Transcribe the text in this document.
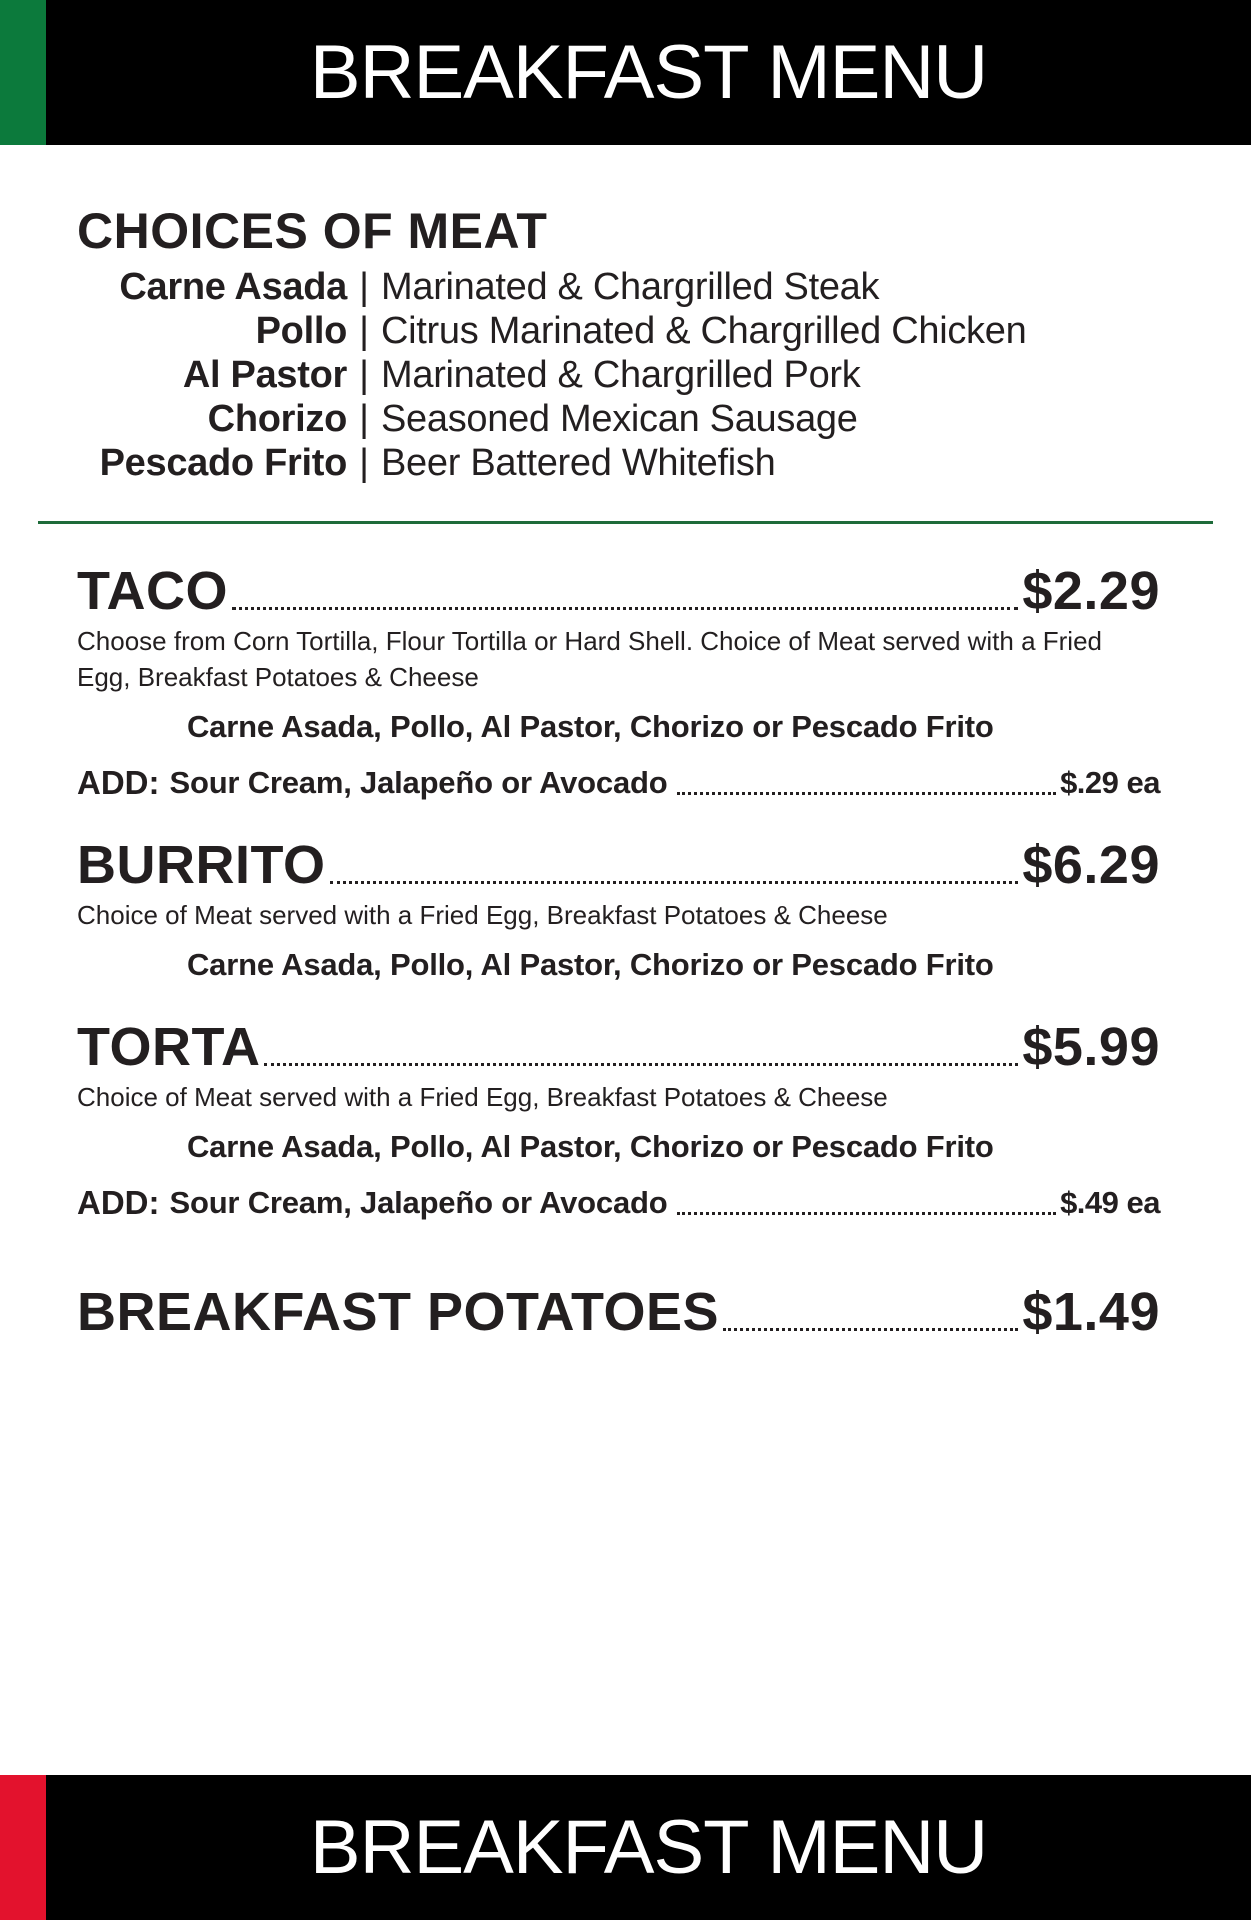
BREAKFAST MENU
CHOICES OF MEAT
Carne Asada | Marinated & Chargrilled Steak
Pollo | Citrus Marinated & Chargrilled Chicken
Al Pastor | Marinated & Chargrilled Pork
Chorizo | Seasoned Mexican Sausage
Pescado Frito | Beer Battered Whitefish
TACO	$2.29
Choose from Corn Tortilla, Flour Tortilla or Hard Shell. Choice of Meat served with a Fried Egg, Breakfast Potatoes & Cheese
Carne Asada, Pollo, Al Pastor, Chorizo or Pescado Frito
ADD: Sour Cream, Jalapeño or Avocado	$.29 ea
BURRITO	$6.29
Choice of Meat served with a Fried Egg, Breakfast Potatoes & Cheese
Carne Asada, Pollo, Al Pastor, Chorizo or Pescado Frito
TORTA	$5.99
Choice of Meat served with a Fried Egg, Breakfast Potatoes & Cheese
Carne Asada, Pollo, Al Pastor, Chorizo or Pescado Frito
ADD: Sour Cream, Jalapeño or Avocado	$.49 ea
BREAKFAST POTATOES	$1.49
BREAKFAST MENU
